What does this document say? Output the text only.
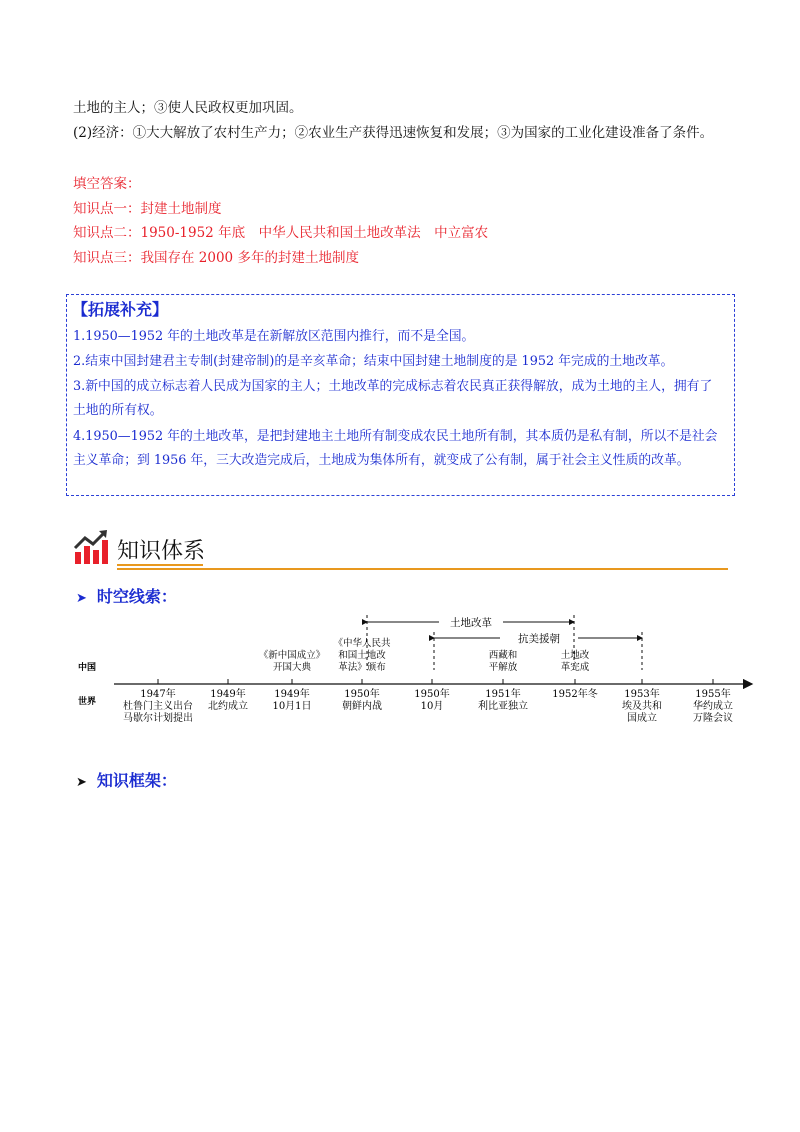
土地的主人；③使人民政权更加巩固。
(2)经济：①大大解放了农村生产力；②农业生产获得迅速恢复和发展；③为国家的工业化建设准备了条件。
填空答案：
知识点一：封建土地制度
知识点二：1950-1952 年底　中华人民共和国土地改革法　中立富农
知识点三：我国存在 2000 多年的封建土地制度
【拓展补充】
1.1950—1952 年的土地改革是在新解放区范围内推行，而不是全国。
2.结束中国封建君主专制(封建帝制)的是辛亥革命；结束中国封建土地制度的是 1952 年完成的土地改革。
3.新中国的成立标志着人民成为国家的主人；土地改革的完成标志着农民真正获得解放，成为土地的主人，拥有了土地的所有权。
4.1950—1952 年的土地改革，是把封建地主土地所有制变成农民土地所有制，其本质仍是私有制，所以不是社会主义革命；到 1956 年，三大改造完成后，土地成为集体所有，就变成了公有制，属于社会主义性质的改革。
知识体系
➤ 时空线索：
中国
世界
土地改革
抗美援朝
《新中国成立》
开国大典
《中华人民共
和国土地改
革法》颁布
西藏和
平解放
土地改
革完成
1947年
杜鲁门主义出台
马歇尔计划提出
1949年
北约成立
1949年
10月1日
1950年
朝鲜内战
1950年
10月
1951年
利比亚独立
1952年冬	1953年
埃及共和
国成立
1955年
华约成立
万隆会议
➤ 知识框架：
